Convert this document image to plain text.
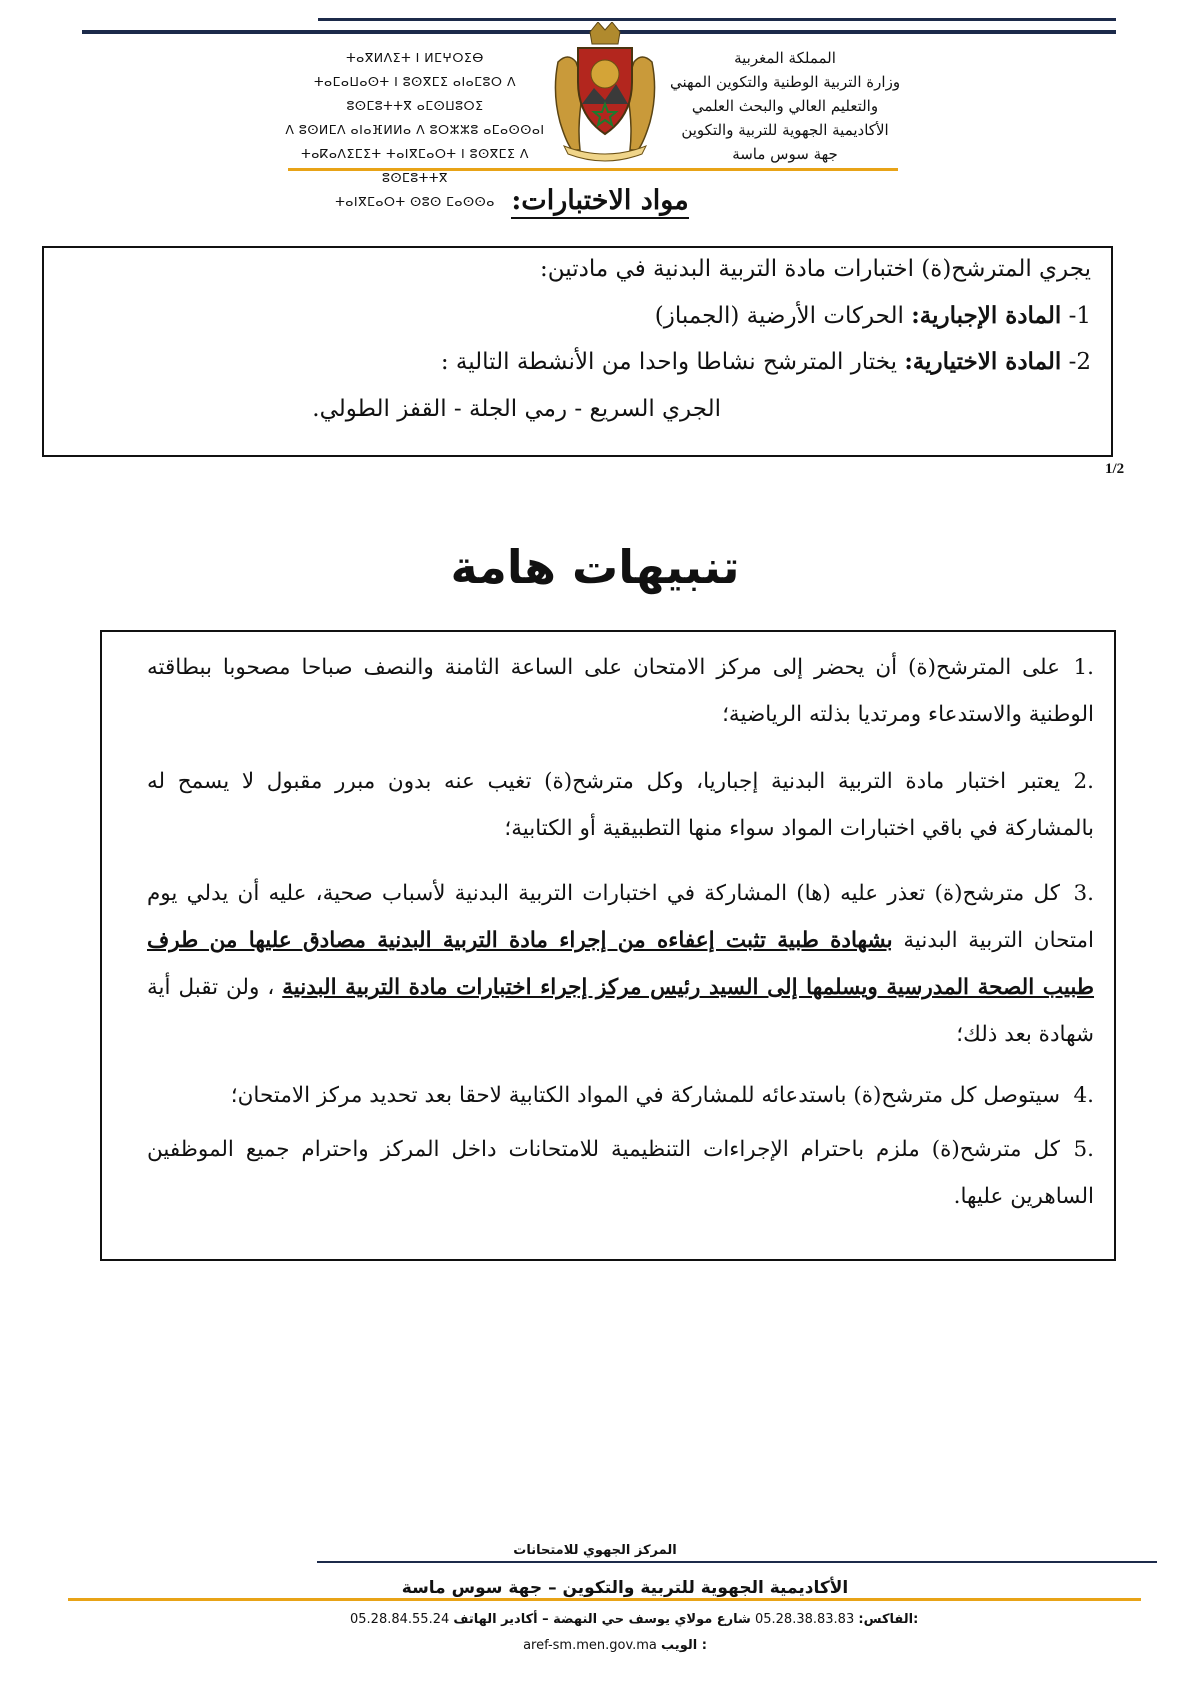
ⵜⴰⴳⵍⴷⵉⵜ ⵏ ⵍⵎⵖⵔⵉⴱ
ⵜⴰⵎⴰⵡⴰⵙⵜ ⵏ ⵓⵙⴳⵎⵉ ⴰⵏⴰⵎⵓⵔ ⴷ ⵓⵙⵎⵓⵜⵜⴳ ⴰⵎⵙⵡⵓⵔⵉ
ⴷ ⵓⵙⵍⵎⴷ ⴰⵏⴰⴼⵍⵍⴰ ⴷ ⵓⵔⵣⵣⵓ ⴰⵎⴰⵙⵙⴰⵏ
ⵜⴰⴽⴰⴷⵉⵎⵉⵜ ⵜⴰⵏⴳⵎⴰⵔⵜ ⵏ ⵓⵙⴳⵎⵉ ⴷ ⵓⵙⵎⵓⵜⵜⴳ
ⵜⴰⵏⴳⵎⴰⵔⵜ ⵙⵓⵙ ⵎⴰⵙⵙⴰ
المملكة المغربية
وزارة التربية الوطنية والتكوين المهني
والتعليم العالي والبحث العلمي
الأكاديمية الجهوية للتربية والتكوين
جهة سوس ماسة
مواد الاختبارات:
يجري المترشح(ة) اختبارات مادة التربية البدنية في مادتين:
1- المادة الإجبارية: الحركات الأرضية (الجمباز)
2- المادة الاختيارية: يختار المترشح نشاطا واحدا من الأنشطة التالية :
الجري السريع - رمي الجلة - القفز الطولي.
1/2
تنبيهات هامة
.1على المترشح(ة) أن يحضر إلى مركز الامتحان على الساعة الثامنة والنصف صباحا مصحوبا ببطاقته الوطنية والاستدعاء ومرتديا بذلته الرياضية؛
.2يعتبر اختبار مادة التربية البدنية إجباريا، وكل مترشح(ة) تغيب عنه بدون مبرر مقبول لا يسمح له بالمشاركة في باقي اختبارات المواد سواء منها التطبيقية أو الكتابية؛
.3كل مترشح(ة) تعذر عليه (ها) المشاركة في اختبارات التربية البدنية لأسباب صحية، عليه أن يدلي يوم امتحان التربية البدنية بشهادة طبية تثبت إعفاءه من إجراء مادة التربية البدنية مصادق عليها من طرف طبيب الصحة المدرسية ويسلمها إلى السيد رئيس مركز إجراء اختبارات مادة التربية البدنية ، ولن تقبل أية شهادة بعد ذلك؛
.4سيتوصل كل مترشح(ة) باستدعائه للمشاركة في المواد الكتابية لاحقا بعد تحديد مركز الامتحان؛
.5كل مترشح(ة) ملزم باحترام الإجراءات التنظيمية للامتحانات داخل المركز واحترام جميع الموظفين الساهرين عليها.
المركز الجهوي للامتحانات
الأكاديمية الجهوية للتربية والتكوين – جهة سوس ماسة
05.28.84.55.24	الفاكس: 05.28.38.83.83 شارع مولاي يوسف حي النهضة – أكادير الهاتف:
aref-sm.men.gov.ma الويب :
